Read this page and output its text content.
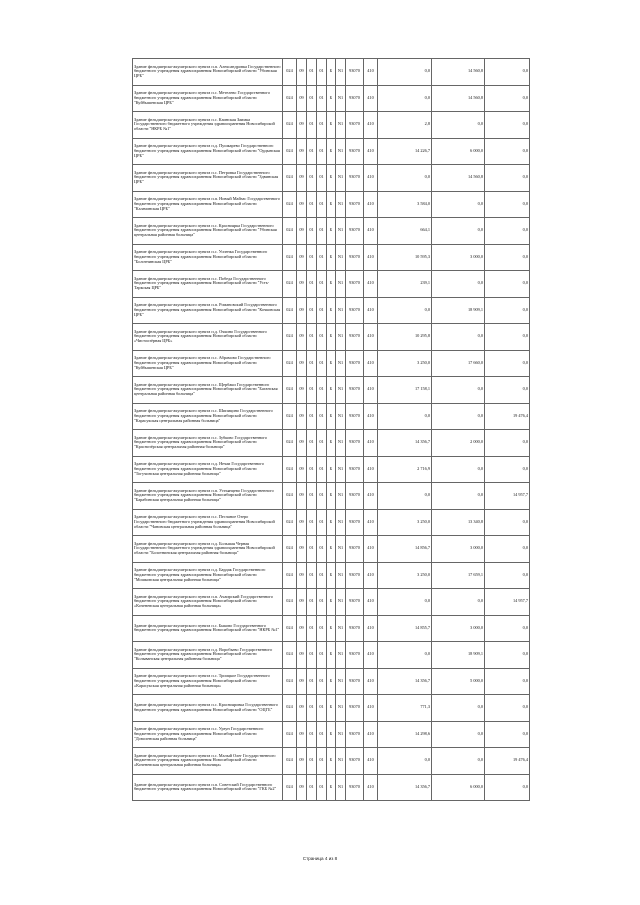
Здание фельдшерско-акушерского пункта п.п. Александровка Государственного бюджетного учреждения здравоохранения Новосибирской области "Убинская ЦРБ"	024	09	01	01	Б	N1	93070	410	0,0	14 560,8	0,0
Здание фельдшерско-акушерского пункта п.с. Метелево Государственного бюджетного учреждения здравоохранения Новосибирской области "Куйбышевская ЦРБ"	024	09	01	01	Б	N1	93070	410	0,0	14 560,8	0,0
Здание фельдшерско-акушерского пункта п.с. Каинская Заимка Государственного бюджетного учреждения здравоохранения Новосибирской области "НКРБ №1"	024	09	01	01	Б	N1	93070	410	2,8	0,0	0,0
Здание фельдшерско-акушерского пункта п.д. Пушкарево Государственного бюджетного учреждения здравоохранения Новосибирской области "Ордынская ЦРБ"	024	09	01	01	Б	N1	93070	410	14 226,7	6 000,0	0,0
Здание фельдшерско-акушерского пункта п.с. Петровка Государственного бюджетного учреждения здравоохранения Новосибирской области "Здвинская ЦРБ"	024	09	01	01	Б	N1	93070	410	0,0	14 560,8	0,0
Здание фельдшерско-акушерского пункта п.п. Новый Майзас Государственного бюджетного учреждения здравоохранения Новосибирской области "Калачинская ЦРБ"	024	09	01	01	Б	N1	93070	410	3 584,0	0,0	0,0
Здание фельдшерско-акушерского пункта п.с. Красноярка Государственного бюджетного учреждения здравоохранения Новосибирской области "Убинская центральная районная больница"	024	09	01	01	Б	N1	93070	410	664,1	0,0	0,0
Здание фельдшерско-акушерского пункта п.с. Успенка Государственного бюджетного учреждения здравоохранения Новосибирской области "Болотнинская ЦРБ"	024	09	01	01	Б	N1	93070	410	10 595,3	3 000,0	0,0
Здание фельдшерско-акушерского пункта п.с. Победа Государственного бюджетного учреждения здравоохранения Новосибирской области "Усть-Таркская ЦРБ"	024	09	01	01	Б	N1	93070	410	239,1	0,0	0,0
Здание фельдшерско-акушерского пункта п.п. Романовский Государственного бюджетного учреждения здравоохранения Новосибирской области "Кочковская ЦРБ"	024	09	01	01	Б	N1	93070	410	0,0	18 909,1	0,0
Здание фельдшерско-акушерского пункта п.д. Очкино Государственного бюджетного учреждения здравоохранения Новосибирской области «Чистоозёрная ЦРБ»	024	09	01	01	Б	N1	93070	410	10 295,8	0,0	0,0
Здание фельдшерско-акушерского пункта п.с. Абрамово Государственного бюджетного учреждения здравоохранения Новосибирской области "Куйбышевская ЦРБ"	024	09	01	01	Б	N1	93070	410	3 250,0	17 660,0	0,0
Здание фельдшерско-акушерского пункта п.с. Щербаки Государственного бюджетного учреждения здравоохранения Новосибирской области "Баганская центральная районная больница"	024	09	01	01	Б	N1	93070	410	17 158,1	0,0	0,0
Здание фельдшерско-акушерского пункта п.с. Шипицино Государственного бюджетного учреждения здравоохранения Новосибирской области "Карасукская центральная районная больница"	024	09	01	01	Б	N1	93070	410	0,0	0,0	19 476,4
Здание фельдшерско-акушерского пункта п.с. Зубково Государственного бюджетного учреждения здравоохранения Новосибирской области "Краснозёрская центральная районная больница"	024	09	01	01	Б	N1	93070	410	14 356,7	2 000,0	0,0
Здание фельдшерско-акушерского пункта п.д. Нечаи Государственного бюджетного учреждения здравоохранения Новосибирской области "Тогучинская центральная районная больница"	024	09	01	01	Б	N1	93070	410	2 716,9	0,0	0,0
Здание фельдшерско-акушерского пункта п.п. Устьянцево Государственного бюджетного учреждения здравоохранения Новосибирской области "Барабинская центральная районная больница"	024	09	01	01	Б	N1	93070	410	0,0	0,0	14 957,7
Здание фельдшерско-акушерского пункта п.с. Песчаное Озеро Государственного бюджетного учреждения здравоохранения Новосибирской области "Чановская центральная районная больница"	024	09	01	01	Б	N1	93070	410	3 250,0	13 340,8	0,0
Здание фельдшерско-акушерского пункта п.д. Большая Черная Государственного бюджетного учреждения здравоохранения Новосибирской области "Болотнинская центральная районная больница"	024	09	01	01	Б	N1	93070	410	14 856,7	3 000,0	0,0
Здание фельдшерско-акушерского пункта п.д. Бардак Государственного бюджетного учреждения здравоохранения Новосибирской области "Мошковская центральная районная больница"	024	09	01	01	Б	N1	93070	410	3 250,0	17 659,1	0,0
Здание фельдшерско-акушерского пункта п.п. Ачаирский Государственного бюджетного учреждения здравоохранения Новосибирской области «Коченевская центральная районная больница»	024	09	01	01	Б	N1	93070	410	0,0	0,0	14 957,7
Здание фельдшерско-акушерского пункта п.с. Быково Государственного бюджетного учреждения здравоохранения Новосибирской области "НКРБ №1"	024	09	01	01	Б	N1	93070	410	14 855,7	3 000,0	0,0
Здание фельдшерско-акушерского пункта п.д. Воробьево Государственного бюджетного учреждения здравоохранения Новосибирской области "Колыванская центральная районная больница"	024	09	01	01	Б	N1	93070	410	0,0	18 909,1	0,0
Здание фельдшерско-акушерского пункта п.с. Троицкое Государственного бюджетного учреждения здравоохранения Новосибирской области «Карасукская центральная районная больница»	024	09	01	01	Б	N1	93070	410	14 356,7	5 000,0	0,0
Здание фельдшерско-акушерского пункта п.с. Краснояровка Государственного бюджетного учреждения здравоохранения Новосибирской области "ОЦГБ"	024	09	01	01	Б	N1	93070	410	771,3	0,0	0,0
Здание фельдшерско-акушерского пункта п.с. Урзун Государственного бюджетного учреждения здравоохранения Новосибирской области "Доволенская районная больница"	024	09	01	01	Б	N1	93070	410	14 298,6	0,0	0,0
Здание фельдшерско-акушерского пункта п.с. Малый Олег Государственного бюджетного учреждения здравоохранения Новосибирской области «Коченевская центральная районная больница»	024	09	01	01	Б	N1	93070	410	0,0	0,0	19 476,4
Здание фельдшерско-акушерского пункта п.п. Советский Государственного бюджетного учреждения здравоохранения Новосибирской области "ГКБ №2"	024	09	01	01	Б	N1	93070	410	14 356,7	6 000,0	0,0
Страница 4 из 8
